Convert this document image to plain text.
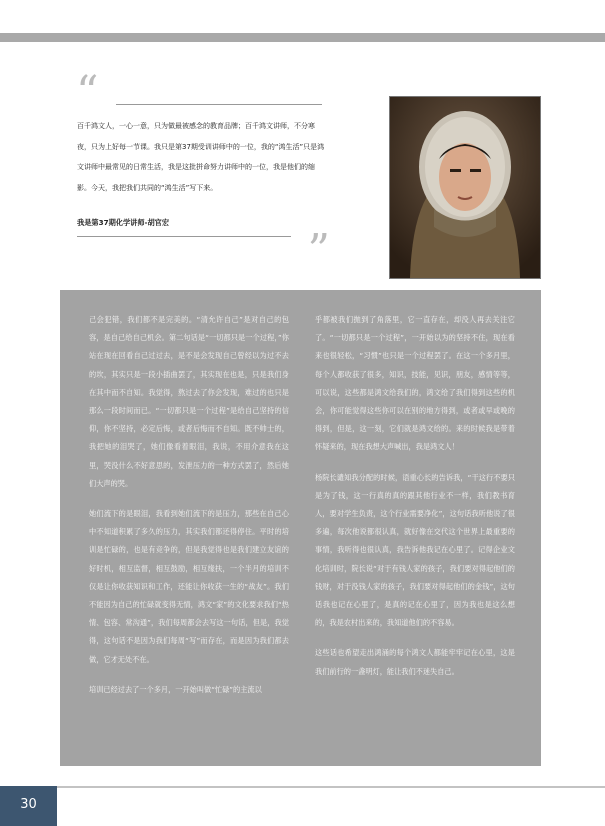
“

百千鸿文人，一心一意，只为做最被感念的教育品牌；百千鸿文讲师，不分寒夜，只为上好每一节课。我只是第37期受训讲师中的一位，我的“鸿生活”只是鸿文讲师中最常见的日常生活，我是这批拼命努力讲师中的一位，我是他们的缩影。今天，我把我们共同的“鸿生活”写下来。

我是第37期化学讲师-胡官宏
”

己会犯错，我们都不是完美的。“清允许自己”是对自己的包容，是自己给自己机会。第二句话是“一切都只是一个过程，”你站在现在回看自己过过去，是不是会发现自己曾经以为过不去的坎，其实只是一段小插曲罢了，其实现在也是，只是我们身在其中而不自知。我觉得，熬过去了你会发现，难过的也只是那么一段时间而已。“一切都只是一个过程”是给自己坚持的信仰，你不坚持，必定后悔，或者后悔而不自知。既不帅士的，我把她的泪哭了，她们像看着眼泪，我说，不用介意我在这里，哭没什么不好意思的，发泄压力的一种方式罢了，然后她们大声的哭。

她们流下的是眼泪，我看到她们流下的是压力，那些在自己心中不知道积累了多久的压力，其实我们都还得停住。平时的培训是忙碌的，也是有竞争的，但是我觉得也是我们建立友谊的好时机，相互监督，相互鼓励，相互缘扶，一个半月的培训不仅是让你收获知识和工作，还能让你收获一生的“战友”。我们不能因为自己的忙碌就变得无情，鸿文“家”的文化要求我们“热情、包容、常沟通”，我们每周都会去写这一句话，但是，我觉得，这句话不是因为我们每周“写”而存在，而是因为我们都去做，它才无处不在。

培训已经过去了一个多月，一开始叫做“忙碌”的主流以

乎都被我们抛到了角落里，它一直存在，却没人再去关注它了。“一切都只是一个过程”，一开始以为的坚持不住，现在看来也很轻松，“习惯”也只是一个过程罢了。在这一个多月里，每个人都收获了很多，知识，技能，见识，朋友，感情等等，可以说，这些都是鸿文给我们的，鸿文给了我们得到这些的机会，你可能觉得这些你可以在别的地方得到，或者或早或晚的得到，但是，这一刻，它们就是鸿文给的。来的时候我是带着怀疑来的，现在我想大声喊出，我是鸿文人！

杨院长谴知我分配的时候，语重心长的告诉我，“干这行不要只是为了钱，这一行真的真的跟其他行业不一样，我们教书育人，要对学生负责，这个行业需要净化”，这句话我听他说了很多遍，每次他说都很认真，就好像在交代这个世界上最重要的事情，我听得也很认真，我告诉他我记在心里了。记得企业文化培训时，院长说“对于有钱人家的孩子，我们要对得起他们的钱财，对于没钱人家的孩子，我们要对得起他们的金钱”，这句话我也记在心里了，是真的记在心里了，因为我也是这么想的，我是农村出来的，我知道他们的不容易。

这些话也希望走出鸿涌的每个鸿文人都能牢牢记在心里，这是我们前行的一盏明灯，能让我们不迷失自己。

30
